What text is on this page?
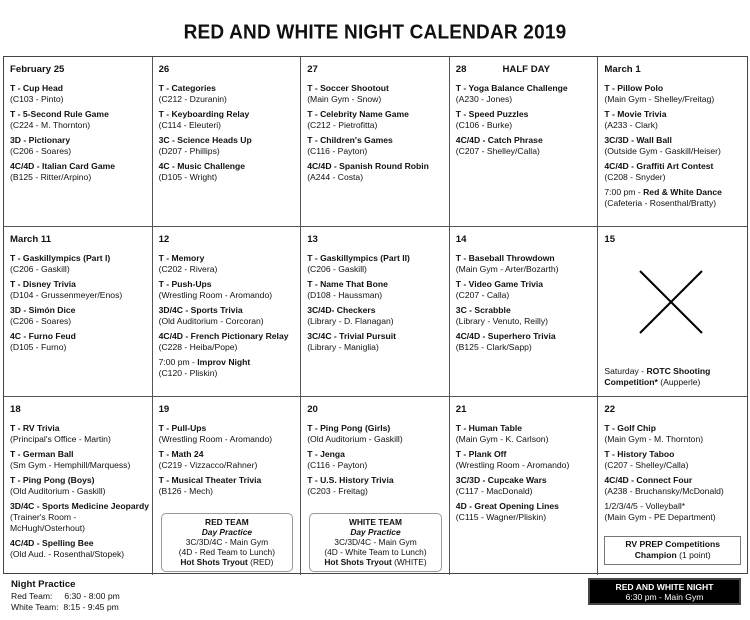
RED AND WHITE NIGHT CALENDAR 2019
February 25
T - Cup Head
(C103 - Pinto)
T - 5-Second Rule Game
(C224 - M. Thornton)
3D - Pictionary
(C206 - Soares)
4C/4D - Italian Card Game
(B125 - Ritter/Arpino)
26
T - Categories
(C212 - Dzuranin)
T - Keyboarding Relay
(C114 - Eleuteri)
3C - Science Heads Up
(D207 - Phillips)
4C - Music Challenge
(D105 - Wright)
27
T - Soccer Shootout
(Main Gym - Snow)
T - Celebrity Name Game
(C212 - Pietrofitta)
T - Children's Games
(C116 - Payton)
4C/4D - Spanish Round Robin
(A244 - Costa)
28	HALF DAY
T - Yoga Balance Challenge
(A230 - Jones)
T - Speed Puzzles
(C106 - Burke)
4C/4D - Catch Phrase
(C207 - Shelley/Calla)
March 1
T - Pillow Polo
(Main Gym - Shelley/Freitag)
T - Movie Trivia
(A233 - Clark)
3C/3D - Wall Ball
(Outside Gym - Gaskill/Heiser)
4C/4D - Graffiti Art Contest
(C208 - Snyder)
7:00 pm - Red & White Dance
(Cafeteria - Rosenthal/Bratty)
March 11
T - Gaskillympics (Part I)
(C206 - Gaskill)
T - Disney Trivia
(D104 - Grussenmeyer/Enos)
3D - Simón Dice
(C206 - Soares)
4C - Furno Feud
(D105 - Furno)
12
T - Memory
(C202 - Rivera)
T - Push-Ups
(Wrestling Room - Aromando)
3D/4C - Sports Trivia
(Old Auditorium - Corcoran)
4C/4D - French Pictionary Relay (C228 - Heiba/Pope)
7:00 pm - Improv Night
(C120 - Pliskin)
13
T - Gaskillympics (Part II)
(C206 - Gaskill)
T - Name That Bone
(D108 - Haussman)
3C/4D- Checkers
(Library - D. Flanagan)
3C/4C - Trivial Pursuit
(Library - Maniglia)
14
T - Baseball Throwdown
(Main Gym - Arter/Bozarth)
T - Video Game Trivia
(C207 - Calla)
3C - Scrabble
(Library - Venuto, Reilly)
4C/4D - Superhero Trivia
(B125 - Clark/Sapp)
15
Saturday - ROTC Shooting Competition* (Aupperle)
18
T - RV Trivia
(Principal's Office - Martin)
T - German Ball
(Sm Gym - Hemphill/Marquess)
T - Ping Pong (Boys)
(Old Auditorium - Gaskill)
3D/4C - Sports Medicine Jeopardy (Trainer's Room - McHugh/Osterhout)
4C/4D - Spelling Bee
(Old Aud. - Rosenthal/Stopek)
19
T - Pull-Ups
(Wrestling Room - Aromando)
T - Math 24
(C219 - Vizzacco/Rahner)
T - Musical Theater Trivia
(B126 - Mech)
RED TEAM
Day Practice
3C/3D/4C - Main Gym
(4D - Red Team to Lunch)
Hot Shots Tryout (RED)
20
T - Ping Pong (Girls)
(Old Auditorium - Gaskill)
T - Jenga
(C116 - Payton)
T - U.S. History Trivia
(C203 - Freitag)
WHITE TEAM
Day Practice
3C/3D/4C - Main Gym
(4D - White Team to Lunch)
Hot Shots Tryout (WHITE)
21
T - Human Table
(Main Gym - K. Carlson)
T - Plank Off
(Wrestling Room - Aromando)
3C/3D - Cupcake Wars
(C117 - MacDonald)
4D - Great Opening Lines
(C115 - Wagner/Pliskin)
22
T - Golf Chip
(Main Gym - M. Thornton)
T - History Taboo
(C207 - Shelley/Calla)
4C/4D - Connect Four
(A238 - Bruchansky/McDonald)
1/2/3/4/5 - Volleyball*
(Main Gym - PE Department)
RV PREP Competitions
Champion (1 point)
Night Practice
Red Team:     6:30 - 8:00 pm
White Team:  8:15 - 9:45 pm
RED AND WHITE NIGHT
6:30 pm - Main Gym
